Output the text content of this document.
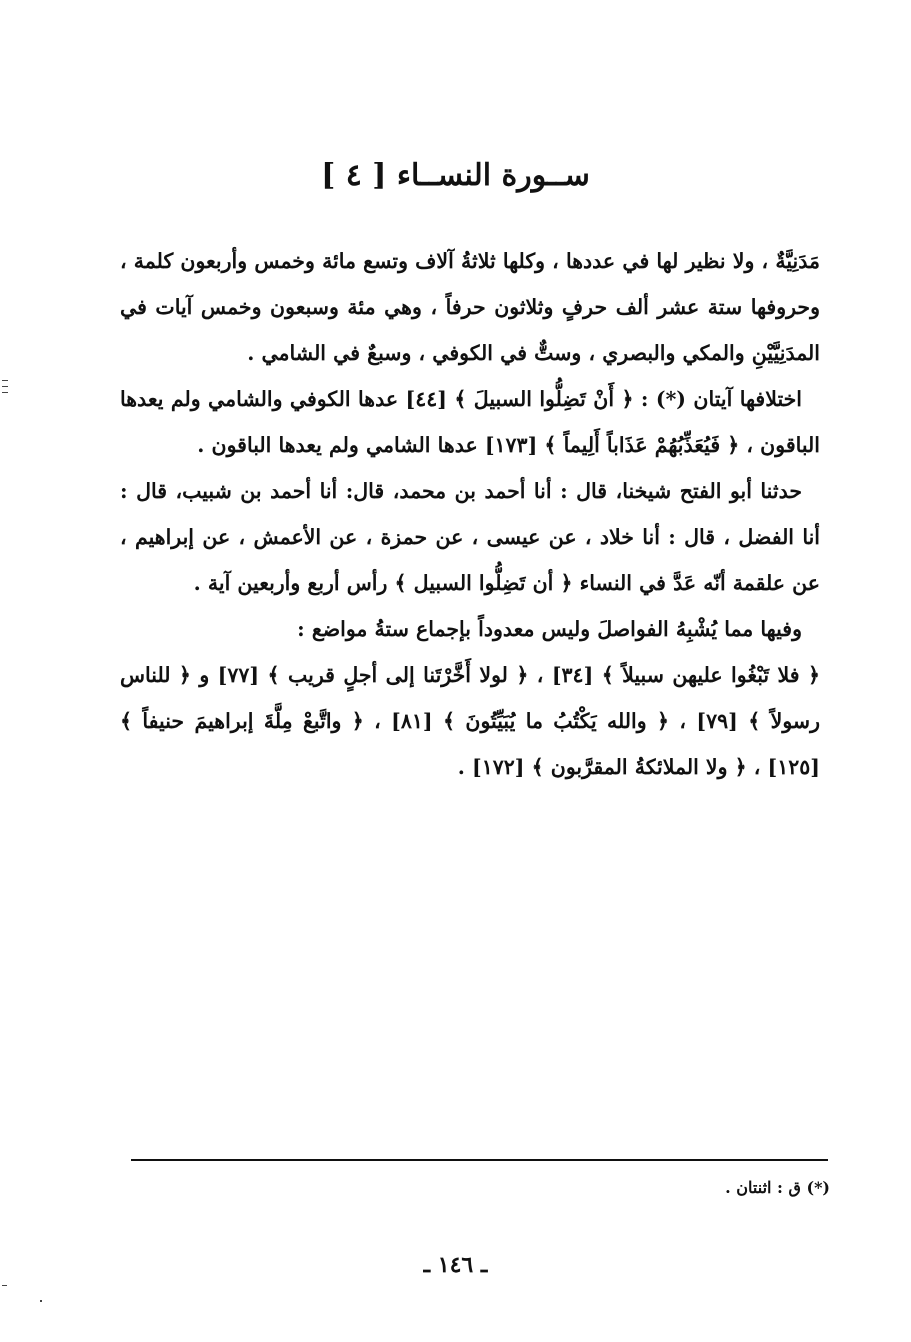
ســورة النســاء [ ٤ ]

مَدَنِيَّةٌ ، ولا نظير لها في عددها ، وكلها ثلاثةُ آلاف وتسع مائة وخمس وأربعون كلمة ، وحروفها ستة عشر ألف حرفٍ وثلاثون حرفاً ، وهي مئة وسبعون وخمس آيات في المدَنِيَّيْنِ والمكي والبصري ، وستٌّ في الكوفي ، وسبعٌ في الشامي .

اختلافها آيتان (*) : ﴿ أَنْ تَضِلُّوا السبيلَ ﴾ [٤٤] عدها الكوفي والشامي ولم يعدها الباقون ، ﴿ فَيُعَذِّبُهُمْ عَذَاباً أَلِيماً ﴾ [١٧٣] عدها الشامي ولم يعدها الباقون .

حدثنا أبو الفتح شيخنا، قال : أنا أحمد بن محمد، قال: أنا أحمد بن شبيب، قال : أنا الفضل ، قال : أنا خلاد ، عن عيسى ، عن حمزة ، عن الأعمش ، عن إبراهيم ، عن علقمة أنّه عَدَّ في النساء ﴿ أن تَضِلُّوا السبيل ﴾ رأس أربع وأربعين آية .

وفيها مما يُشْبِهُ الفواصلَ وليس معدوداً بإجماع ستةُ مواضع :

﴿ فلا تَبْغُوا عليهن سبيلاً ﴾ [٣٤] ، ﴿ لولا أَخَّرْتَنا إلى أجلٍ قريب ﴾ [٧٧] و ﴿ للناس رسولاً ﴾ [٧٩] ، ﴿ والله يَكْتُبُ ما يُبَيِّتُونَ ﴾ [٨١] ، ﴿ واتَّبعْ مِلَّةَ إبراهيمَ حنيفاً ﴾ [١٢٥] ، ﴿ ولا الملائكةُ المقرَّبون ﴾ [١٧٢] .

(*) ق : اثنتان .
ـ ١٤٦ ـ
